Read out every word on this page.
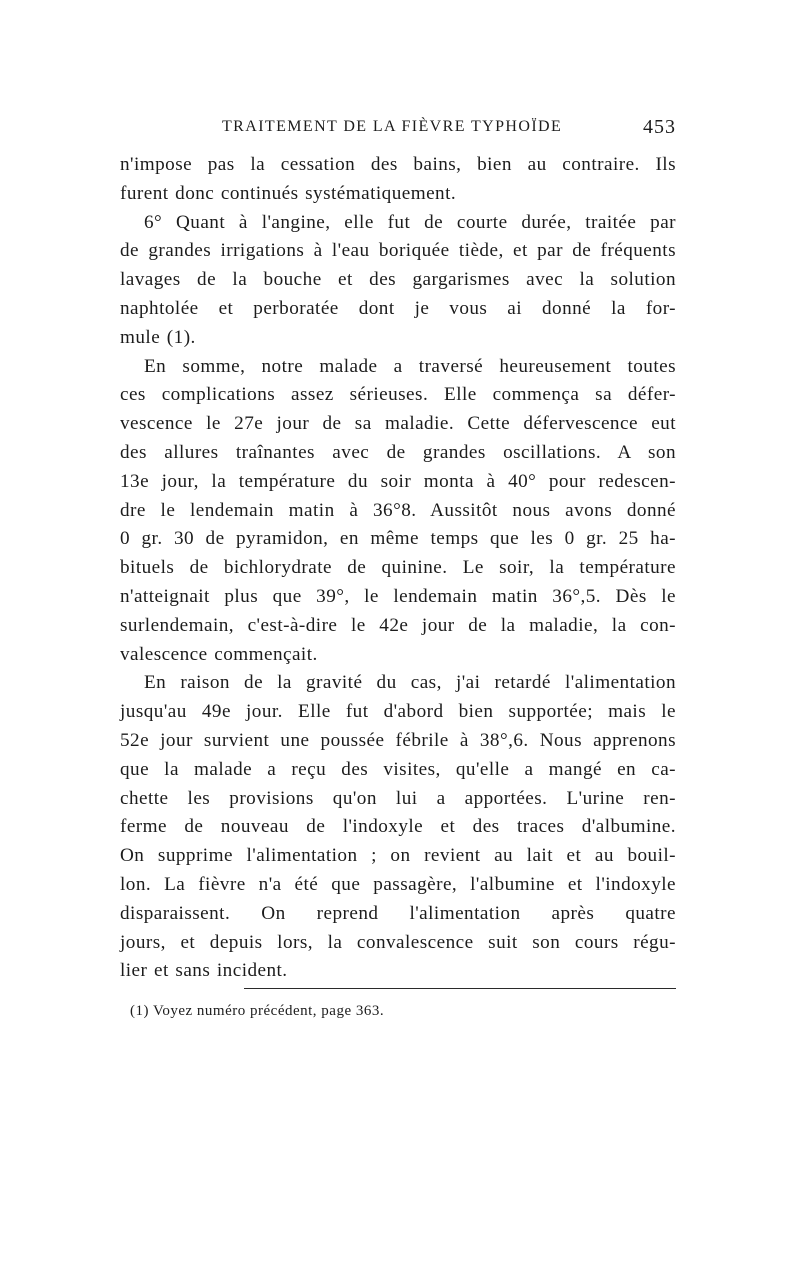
TRAITEMENT DE LA FIÈVRE TYPHOÏDE	453
n'impose pas la cessation des bains, bien au contraire. Ils
furent donc continués systématiquement.
6° Quant à l'angine, elle fut de courte durée, traitée par
de grandes irrigations à l'eau boriquée tiède, et par de fréquents
lavages de la bouche et des gargarismes avec la solution
naphtolée et perboratée dont je vous ai donné la for-
mule (1).
En somme, notre malade a traversé heureusement toutes
ces complications assez sérieuses. Elle commença sa défer-
vescence le 27e jour de sa maladie. Cette défervescence eut
des allures traînantes avec de grandes oscillations. A son
13e jour, la température du soir monta à 40° pour redescen-
dre le lendemain matin à 36°8. Aussitôt nous avons donné
0 gr. 30 de pyramidon, en même temps que les 0 gr. 25 ha-
bituels de bichlorydrate de quinine. Le soir, la température
n'atteignait plus que 39°, le lendemain matin 36°,5. Dès le
surlendemain, c'est-à-dire le 42e jour de la maladie, la con-
valescence commençait.
En raison de la gravité du cas, j'ai retardé l'alimentation
jusqu'au 49e jour. Elle fut d'abord bien supportée; mais le
52e jour survient une poussée fébrile à 38°,6. Nous apprenons
que la malade a reçu des visites, qu'elle a mangé en ca-
chette les provisions qu'on lui a apportées. L'urine ren-
ferme de nouveau de l'indoxyle et des traces d'albumine.
On supprime l'alimentation ; on revient au lait et au bouil-
lon. La fièvre n'a été que passagère, l'albumine et l'indoxyle
disparaissent. On reprend l'alimentation après quatre
jours, et depuis lors, la convalescence suit son cours régu-
lier et sans incident.
(1) Voyez numéro précédent, page 363.
